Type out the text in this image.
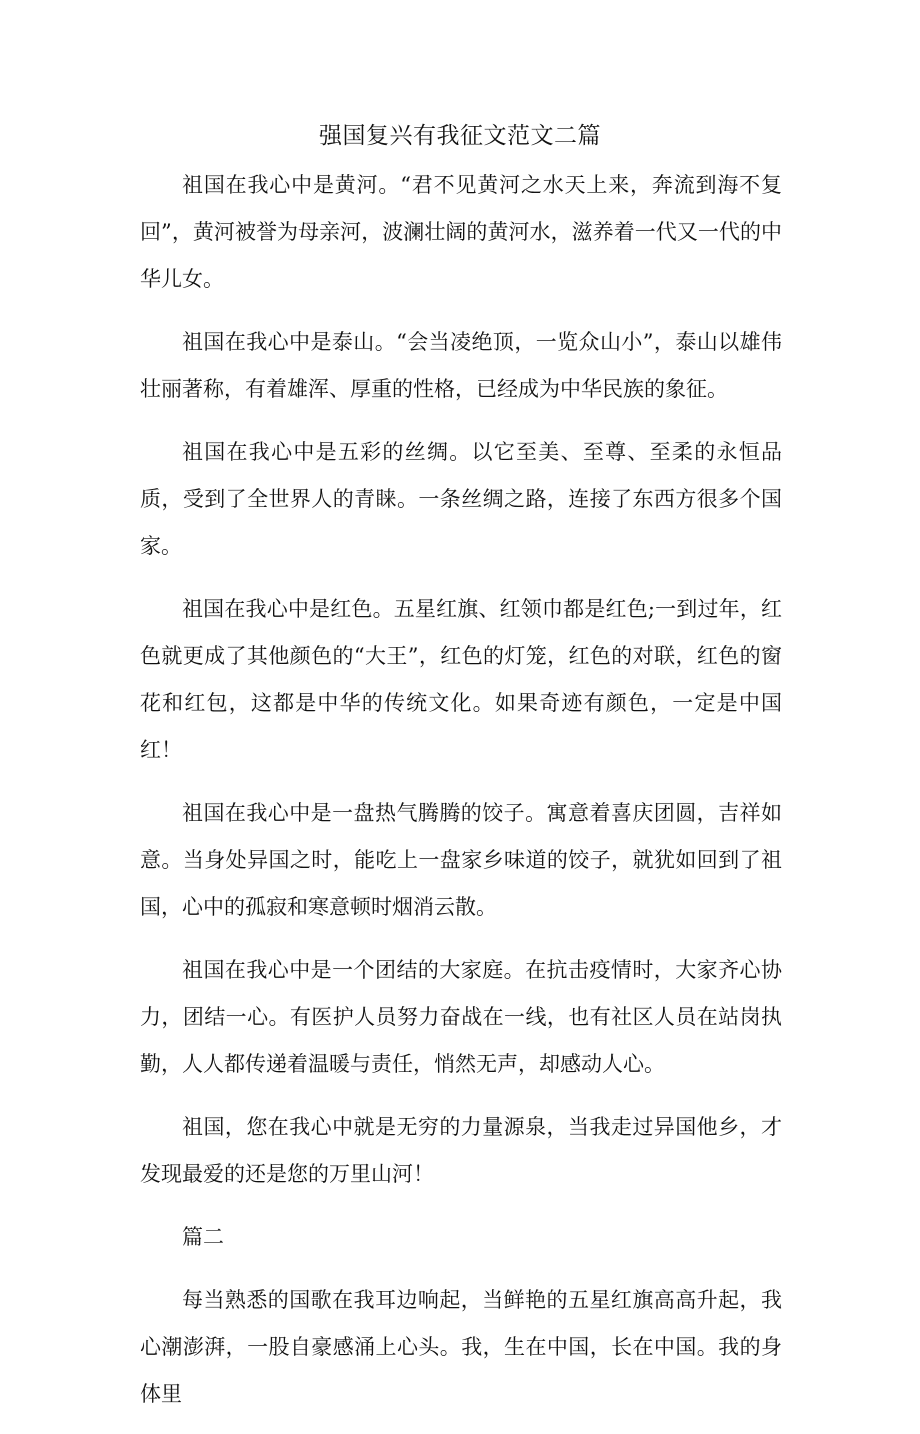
强国复兴有我征文范文二篇

祖国在我心中是黄河。“君不见黄河之水天上来，奔流到海不复回”，黄河被誉为母亲河，波澜壮阔的黄河水，滋养着一代又一代的中华儿女。

祖国在我心中是泰山。“会当凌绝顶，一览众山小”，泰山以雄伟壮丽著称，有着雄浑、厚重的性格，已经成为中华民族的象征。

祖国在我心中是五彩的丝绸。以它至美、至尊、至柔的永恒品质，受到了全世界人的青睐。一条丝绸之路，连接了东西方很多个国家。

祖国在我心中是红色。五星红旗、红领巾都是红色;一到过年，红色就更成了其他颜色的“大王”，红色的灯笼，红色的对联，红色的窗花和红包，这都是中华的传统文化。如果奇迹有颜色，一定是中国红！

祖国在我心中是一盘热气腾腾的饺子。寓意着喜庆团圆，吉祥如意。当身处异国之时，能吃上一盘家乡味道的饺子，就犹如回到了祖国，心中的孤寂和寒意顿时烟消云散。

祖国在我心中是一个团结的大家庭。在抗击疫情时，大家齐心协力，团结一心。有医护人员努力奋战在一线，也有社区人员在站岗执勤，人人都传递着温暖与责任，悄然无声，却感动人心。

祖国，您在我心中就是无穷的力量源泉，当我走过异国他乡，才发现最爱的还是您的万里山河！

篇二

每当熟悉的国歌在我耳边响起，当鲜艳的五星红旗高高升起，我心潮澎湃，一股自豪感涌上心头。我，生在中国，长在中国。我的身体里
